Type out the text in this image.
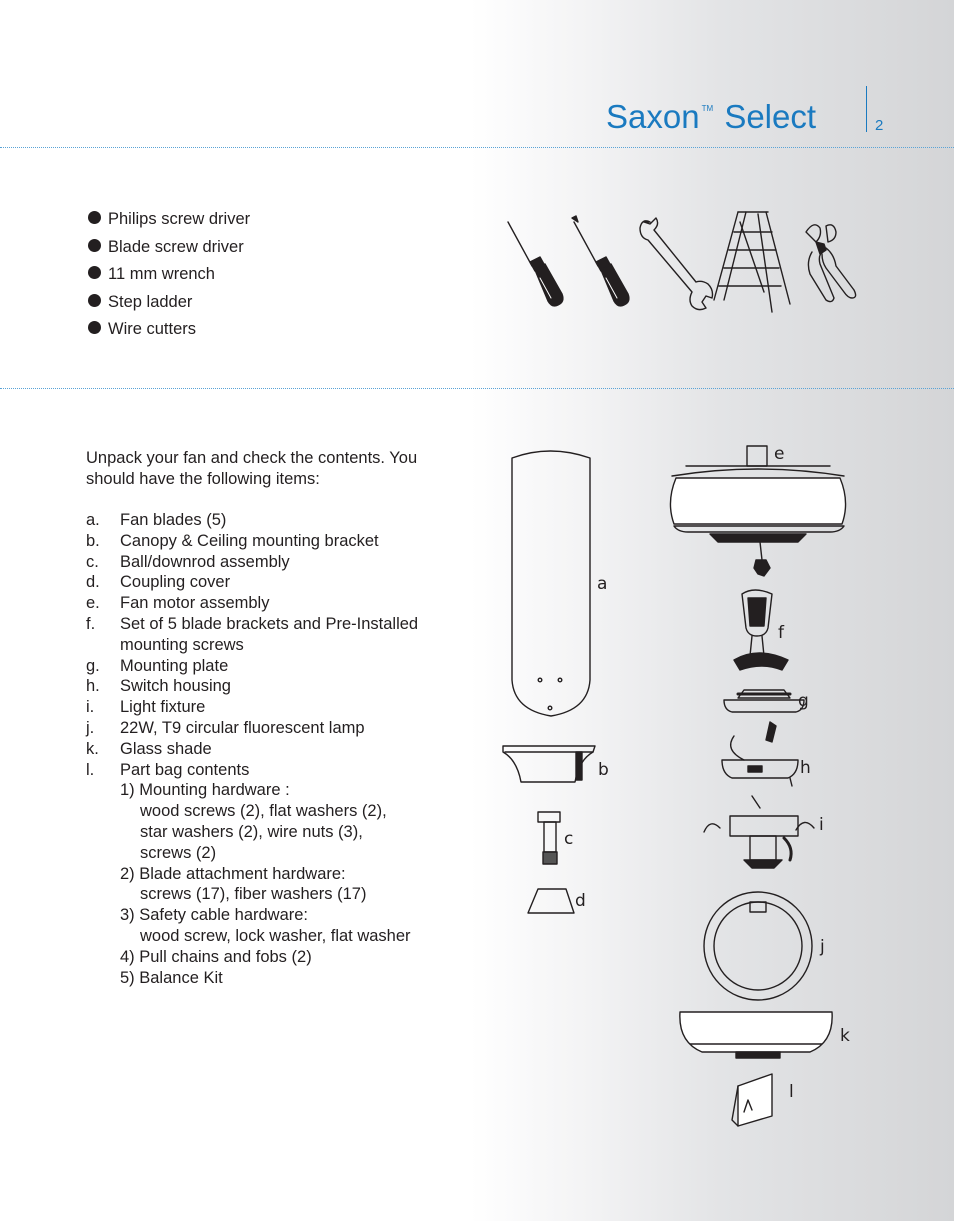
Saxon ™ Select	2
Philips screw driver
Blade screw driver
11 mm wrench
Step ladder
Wire cutters
Unpack your fan and check the contents. You should have the following items:
a. Fan blades (5)
b. Canopy & Ceiling mounting bracket
c. Ball/downrod assembly
d. Coupling cover
e. Fan motor assembly
f. Set of 5 blade brackets and Pre-Installed
mounting screws
g. Mounting plate
h. Switch housing
i. Light fixture
j. 22W, T9 circular fluorescent lamp
k. Glass shade
l. Part bag contents
1) Mounting hardware :
wood screws (2), flat washers (2),
star washers (2), wire nuts (3),
screws (2)
2) Blade attachment hardware:
screws (17), fiber washers (17)
3) Safety cable hardware:
wood screw, lock washer, flat washer
4) Pull chains and fobs (2)
5) Balance Kit
a
b
c
d
e
f
g
h
i
j
k
l
